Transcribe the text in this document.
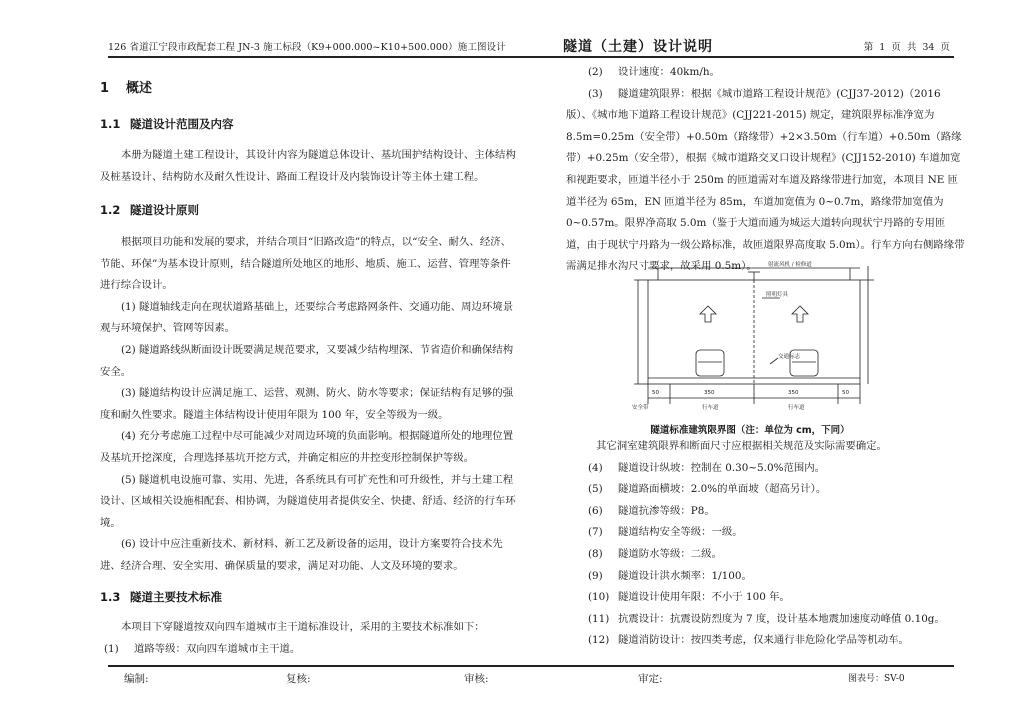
126 省道江宁段市政配套工程 JN-3 施工标段（K9+000.000~K10+500.000）施工图设计	隧道（土建）设计说明	第 1 页 共 34 页

1 概述

1.1 隧道设计范围及内容

本册为隧道土建工程设计，其设计内容为隧道总体设计、基坑围护结构设计、主体结构及桩基设计、结构防水及耐久性设计、路面工程设计及内装饰设计等主体土建工程。

1.2 隧道设计原则

根据项目功能和发展的要求，并结合项目“旧路改造”的特点，以“安全、耐久、经济、节能、环保”为基本设计原则，结合隧道所处地区的地形、地质、施工、运营、管理等条件进行综合设计。

(1) 隧道轴线走向在现状道路基础上，还要综合考虑路网条件、交通功能、周边环境景观与环境保护、管网等因素。

(2) 隧道路线纵断面设计既要满足规范要求，又要减少结构埋深、节省造价和确保结构安全。

(3) 隧道结构设计应满足施工、运营、观测、防火、防水等要求；保证结构有足够的强度和耐久性要求。隧道主体结构设计使用年限为 100 年，安全等级为一级。

(4) 充分考虑施工过程中尽可能减少对周边环境的负面影响。根据隧道所处的地理位置及基坑开挖深度，合理选择基坑开挖方式，并确定相应的井控变形控制保护等级。

(5) 隧道机电设施可靠、实用、先进，各系统具有可扩充性和可升级性，并与土建工程设计、区域相关设施相配套、相协调，为隧道使用者提供安全、快捷、舒适、经济的行车环境。

(6) 设计中应注重新技术、新材料、新工艺及新设备的运用，设计方案要符合技术先进、经济合理、安全实用、确保质量的要求，满足对功能、人文及环境的要求。

1.3 隧道主要技术标准

本项目下穿隧道按双向四车道城市主干道标准设计，采用的主要技术标准如下：

(1) 道路等级：双向四车道城市主干道。

(2) 设计速度：40km/h。

(3) 隧道建筑限界：根据《城市道路工程设计规范》(CJJ37-2012)（2016 版）、《城市地下道路工程设计规范》(CJJ221-2015) 规定，建筑限界标准净宽为 8.5m=0.25m（安全带）+0.50m（路缘带）+2×3.50m（行车道）+0.50m（路缘带）+0.25m（安全带），根据《城市道路交叉口设计规程》(CJJ152-2010) 车道加宽和视距要求，匝道半径小于 250m 的匝道需对车道及路缘带进行加宽，本项目 NE 匝道半径为 65m，EN 匝道半径为 85m，车道加宽值为 0~0.7m，路缘带加宽值为 0~0.57m。限界净高取 5.0m（鉴于大道而通为城运大道转向现状宁丹路的专用匝道，由于现状宁丹路为一级公路标准，故匝道限界高度取 5.0m）。行车方向右侧路缘带需满足排水沟尺寸要求，故采用 0.5m）。	射流风机 / 检修道
照明灯具
交通标志
50	350	350	50
行车道	行车道
安全带
隧道标准建筑限界图（注：单位为 cm，下同）

其它洞室建筑限界和断面尺寸应根据相关规范及实际需要确定。

(4) 隧道设计纵坡：控制在 0.30~5.0%范围内。

(5) 隧道路面横坡：2.0%的单面坡（超高另计）。

(6) 隧道抗渗等级：P8。

(7) 隧道结构安全等级：一级。

(8) 隧道防水等级：二级。

(9) 隧道设计洪水频率：1/100。

(10) 隧道设计使用年限：不小于 100 年。

(11) 抗震设计：抗震设防烈度为 7 度，设计基本地震加速度动峰值 0.10g。

(12) 隧道消防设计：按四类考虑，仅来通行非危险化学品等机动车。

编制:	复核:	审核:	审定:	图表号：SV-0
